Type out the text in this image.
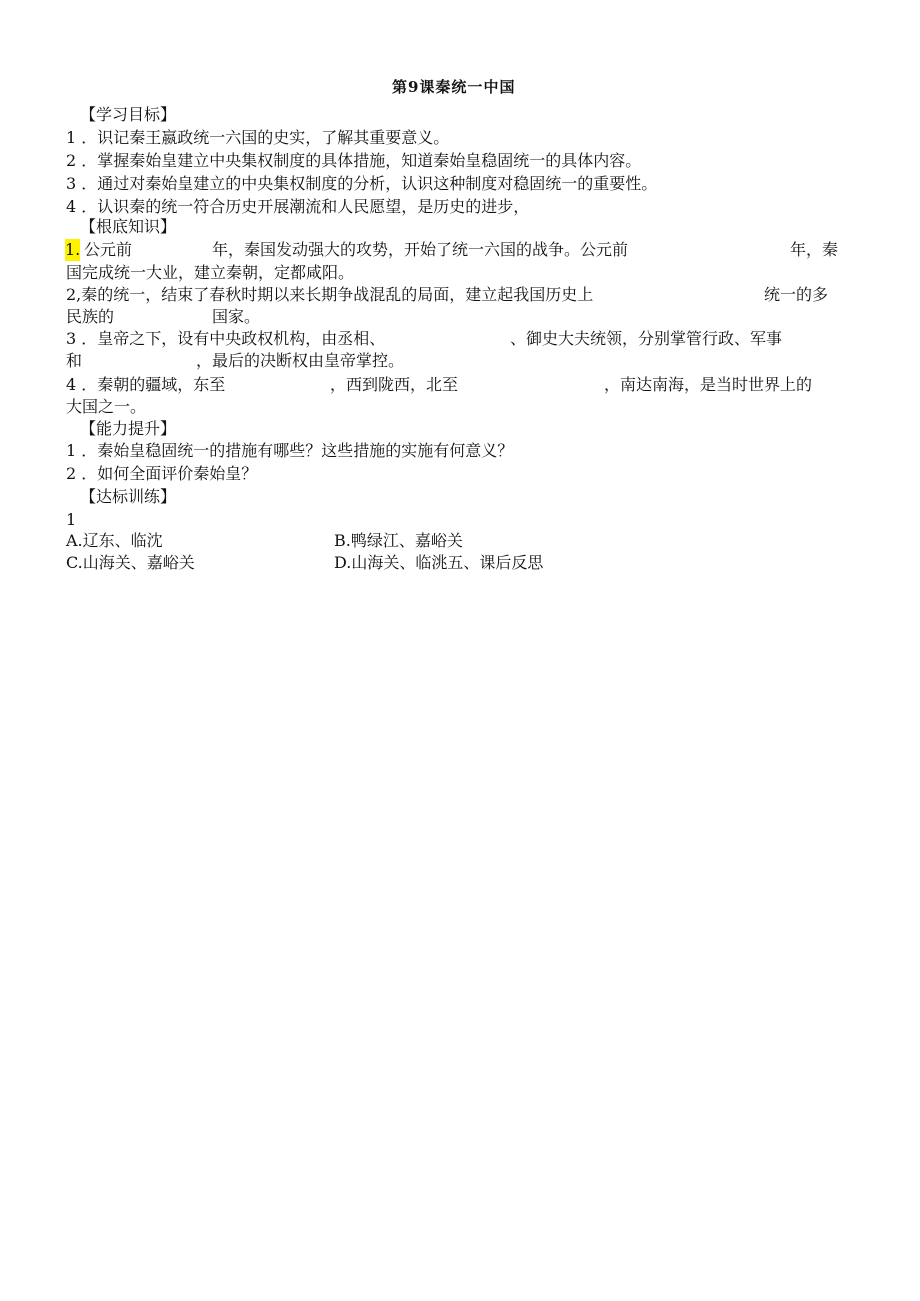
第9课秦统一中国
【学习目标】
1 ．识记秦王嬴政统一六国的史实，了解其重要意义。
2 ．掌握秦始皇建立中央集权制度的具体措施，知道秦始皇稳固统一的具体内容。
3 ．通过对秦始皇建立的中央集权制度的分析，认识这种制度对稳固统一的重要性。
4 ．认识秦的统一符合历史开展潮流和人民愿望，是历史的进步，
【根底知识】
1. 公元前	年，秦国发动强大的攻势，开始了统一六国的战争。公元前	年，秦
国完成统一大业，建立秦朝，定都咸阳。
2,秦的统一，结束了春秋时期以来长期争战混乱的局面，建立起我国历史上	统一的多
民族的	国家。
3 ．皇帝之下，设有中央政权机构，由丞相、	、御史大夫统领，分别掌管行政、军事
和	，最后的决断权由皇帝掌控。
4 ．秦朝的疆域，东至	，西到陇西，北至	，南达南海，是当时世界上的
大国之一。
【能力提升】
1 ．秦始皇稳固统一的措施有哪些？这些措施的实施有何意义？
2 ．如何全面评价秦始皇？
【达标训练】
1
A.辽东、临沈	B.鸭绿江、嘉峪关
C.山海关、嘉峪关	D.山海关、临洮五、课后反思
